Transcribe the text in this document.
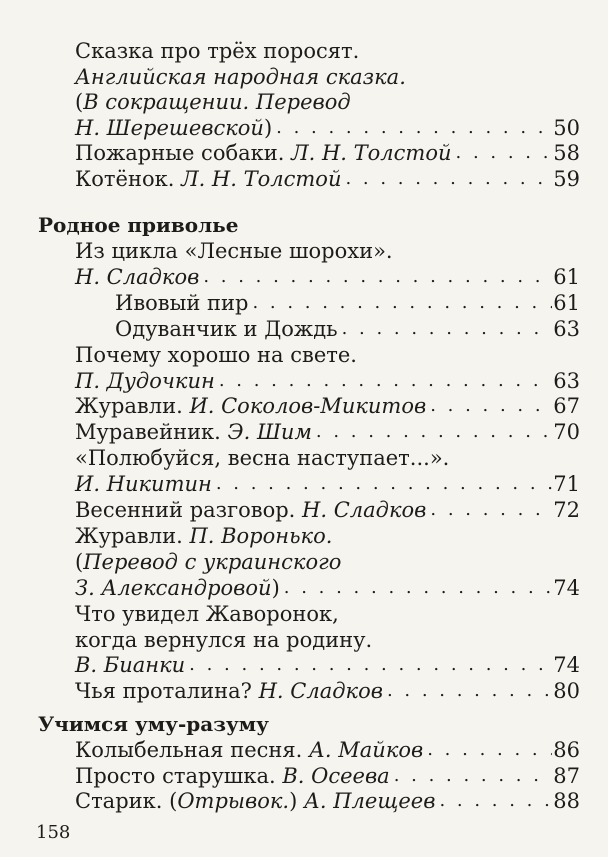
Сказка про трёх поросят.
Английская народная сказка.
(В сокращении. Перевод
Н. Шерешевской) . . .	50
Пожарные собаки. Л. Н. Толстой . . .	58
Котёнок. Л. Н. Толстой . . .	59
Родное приволье
Из цикла «Лесные шорохи».
Н. Сладков . . .	61
Ивовый пир . . .	61
Одуванчик и Дождь . . .	63
Почему хорошо на свете.
П. Дудочкин . . .	63
Журавли. И. Соколов-Микитов . . .	67
Муравейник. Э. Шим . . .	70
«Полюбуйся, весна наступает...».
И. Никитин . . .	71
Весенний разговор. Н. Сладков . . .	72
Журавли. П. Воронько.
(Перевод с украинского
З. Александровой) . . .	74
Что увидел Жаворонок,
когда вернулся на родину.
В. Бианки . . .	74
Чья проталина? Н. Сладков . . .	80
Учимся уму-разуму
Колыбельная песня. А. Майков . . .	86
Просто старушка. В. Осеева . . .	87
Старик. (Отрывок.) А. Плещеев . . .	88
158
